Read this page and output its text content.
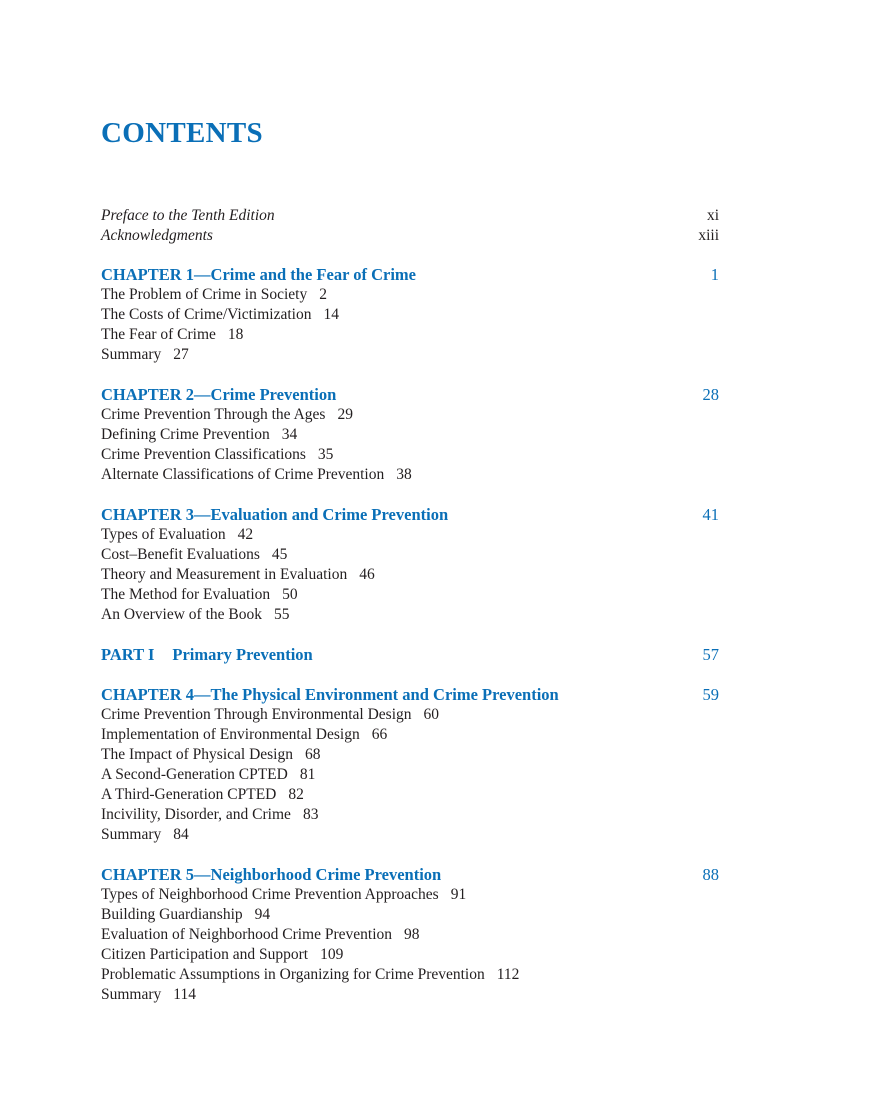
CONTENTS
Preface to the Tenth Edition	xi
Acknowledgments	xiii
CHAPTER 1—Crime and the Fear of Crime	1
The Problem of Crime in Society 2
The Costs of Crime/Victimization 14
The Fear of Crime 18
Summary 27
CHAPTER 2—Crime Prevention	28
Crime Prevention Through the Ages 29
Defining Crime Prevention 34
Crime Prevention Classifications 35
Alternate Classifications of Crime Prevention 38
CHAPTER 3—Evaluation and Crime Prevention	41
Types of Evaluation 42
Cost–Benefit Evaluations 45
Theory and Measurement in Evaluation 46
The Method for Evaluation 50
An Overview of the Book 55
PART I Primary Prevention	57
CHAPTER 4—The Physical Environment and Crime Prevention	59
Crime Prevention Through Environmental Design 60
Implementation of Environmental Design 66
The Impact of Physical Design 68
A Second-Generation CPTED 81
A Third-Generation CPTED 82
Incivility, Disorder, and Crime 83
Summary 84
CHAPTER 5—Neighborhood Crime Prevention	88
Types of Neighborhood Crime Prevention Approaches 91
Building Guardianship 94
Evaluation of Neighborhood Crime Prevention 98
Citizen Participation and Support 109
Problematic Assumptions in Organizing for Crime Prevention 112
Summary 114
